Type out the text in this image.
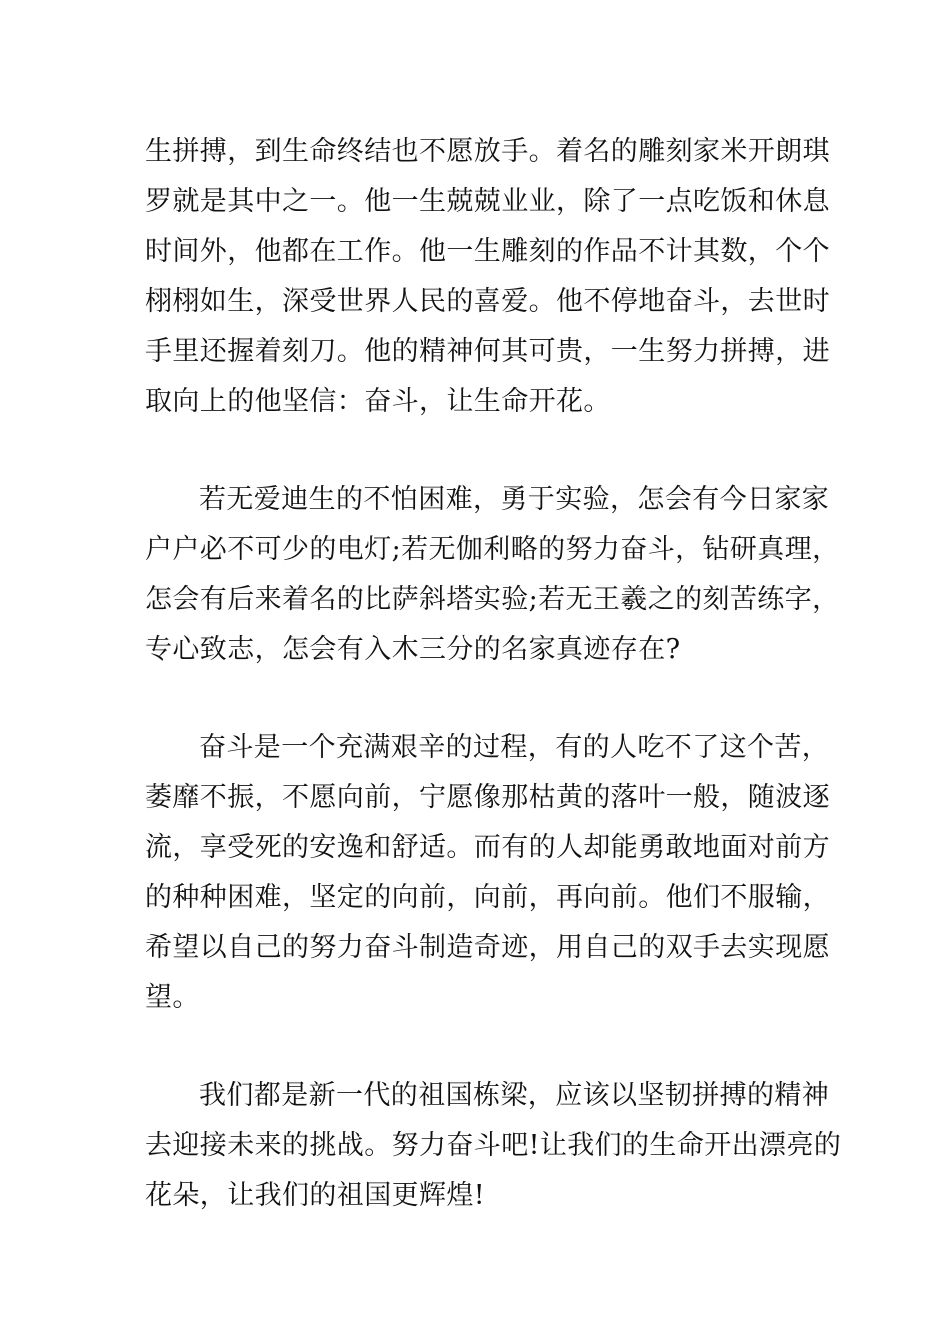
生拼搏，到生命终结也不愿放手。着名的雕刻家米开朗琪
罗就是其中之一。他一生兢兢业业，除了一点吃饭和休息
时间外，他都在工作。他一生雕刻的作品不计其数，个个
栩栩如生，深受世界人民的喜爱。他不停地奋斗，去世时
手里还握着刻刀。他的精神何其可贵，一生努力拼搏，进
取向上的他坚信：奋斗，让生命开花。

若无爱迪生的不怕困难，勇于实验，怎会有今日家家
户户必不可少的电灯;若无伽利略的努力奋斗，钻研真理，
怎会有后来着名的比萨斜塔实验;若无王羲之的刻苦练字，
专心致志，怎会有入木三分的名家真迹存在?

奋斗是一个充满艰辛的过程，有的人吃不了这个苦，
萎靡不振，不愿向前，宁愿像那枯黄的落叶一般，随波逐
流，享受死的安逸和舒适。而有的人却能勇敢地面对前方
的种种困难，坚定的向前，向前，再向前。他们不服输，
希望以自己的努力奋斗制造奇迹，用自己的双手去实现愿
望。

我们都是新一代的祖国栋梁，应该以坚韧拼搏的精神
去迎接未来的挑战。努力奋斗吧!让我们的生命开出漂亮的
花朵，让我们的祖国更辉煌!
